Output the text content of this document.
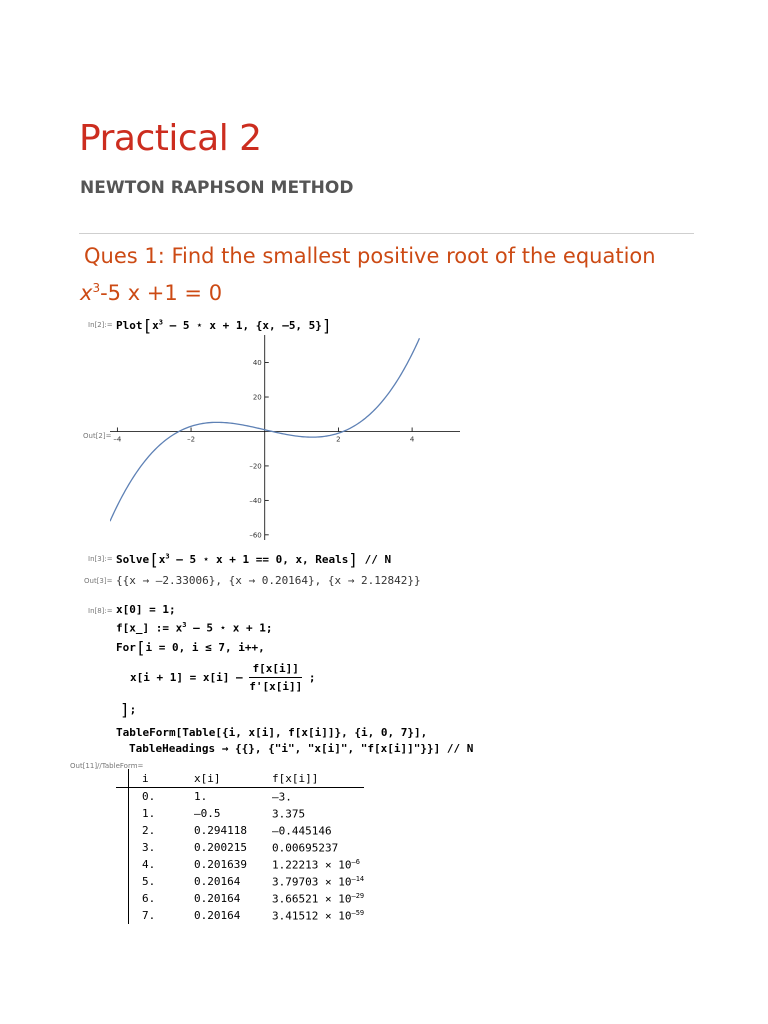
Practical 2
NEWTON RAPHSON METHOD
Ques 1: Find the smallest positive root of the equation
$x^3-5$ x +1 = 0
In[2]:= $Plot[x^3 - 5$ ⋆ x + 1, {x, –5, 5}]
Out[2]= –4	–2	2	4
40
20
–20
–40
–60
In[3]:= $Solve[x^3 - 5$ ⋆ x + 1 == 0, x, Reals] // N
Out[3]= {{x → –2.33006}, {x → 0.20164}, {x → 2.12842}}
In[8]:= x[0] = 1;
f[x_] := $x^3 - 5$ ⋆ x + 1;
For[i = 0, i ≤ 7, i++,
$x[i + 1] = x[i] - \frac{f[x[i]]}{f'[x[i]]}$ ;
];
TableForm[Table[{i, x[i], f[x[i]]}, {i, 0, 7}],
TableHeadings → {{}, {"i", "x[i]", "f[x[i]]"}}] // N
Out[11]//TableForm=
	i	x[i]	f[x[i]]
	0.	1.	–3.
	1.	–0.5	3.375
	2.	0.294118	–0.445146
	3.	0.200215	0.00695237
	4.	0.201639	$1.22213 \times 10^{-6}$
	5.	0.20164	$3.79703 \times 10^{-14}$
	6.	0.20164	$3.66521 \times 10^{-29}$
	7.	0.20164	$3.41512 \times 10^{-59}$
